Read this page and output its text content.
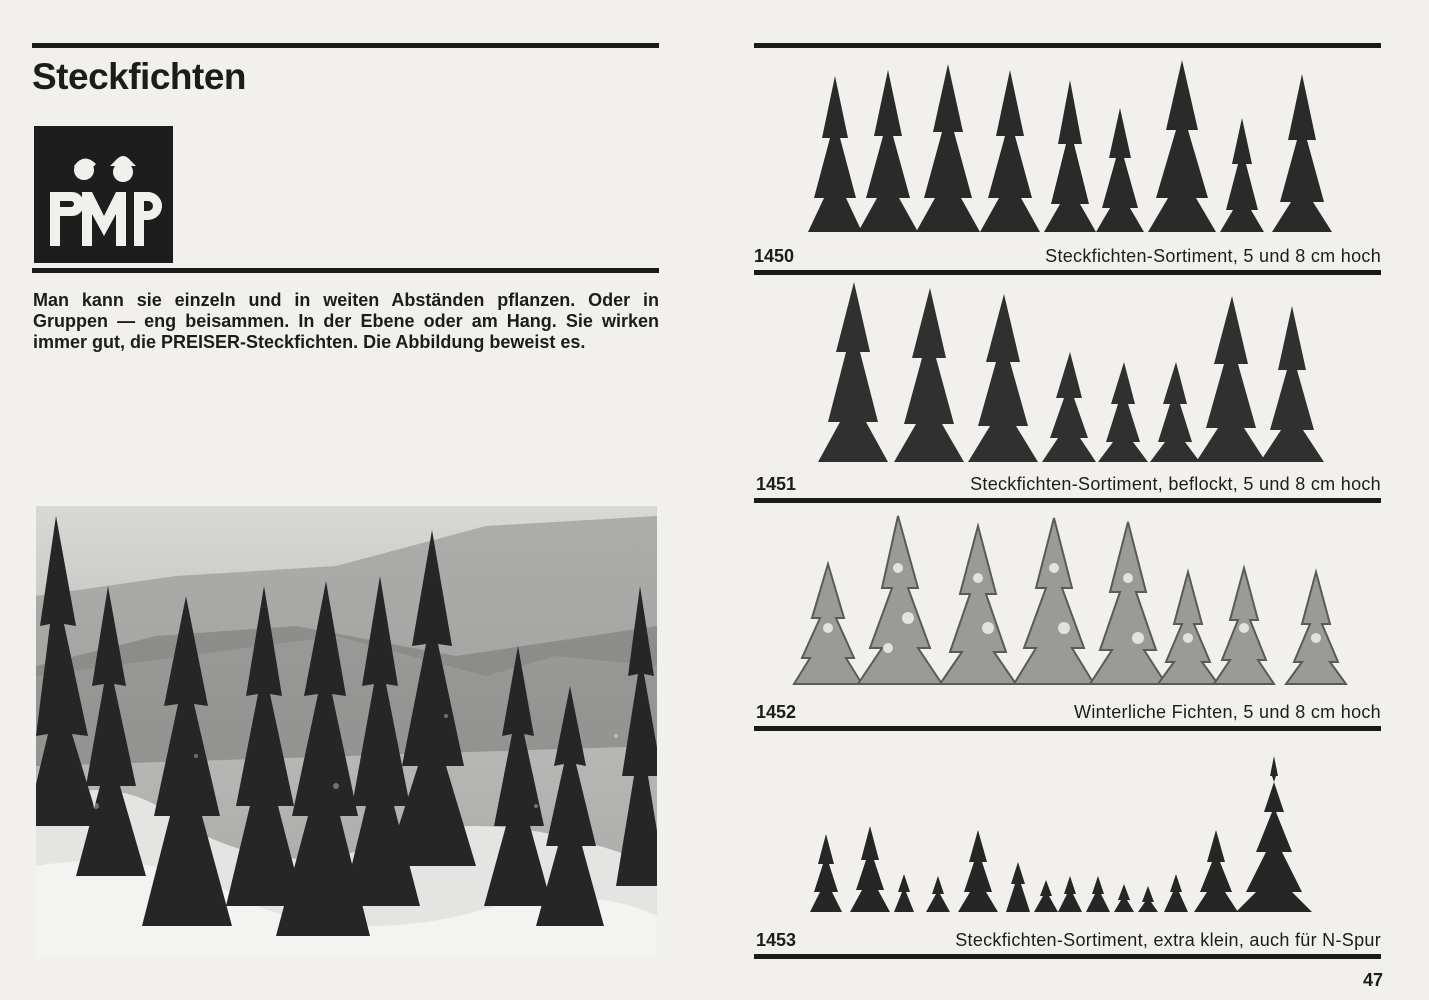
Steckfichten

Man kann sie einzeln und in weiten Abständen pflanzen. Oder in Gruppen — eng beisammen. In der Ebene oder am Hang. Sie wirken immer gut, die PREISER-Steckfichten. Die Abbildung beweist es.

1450	Steckfichten-Sortiment, 5 und 8 cm hoch
1451	Steckfichten-Sortiment, beflockt, 5 und 8 cm hoch
1452	Winterliche Fichten, 5 und 8 cm hoch
1453	Steckfichten-Sortiment, extra klein, auch für N-Spur
47
